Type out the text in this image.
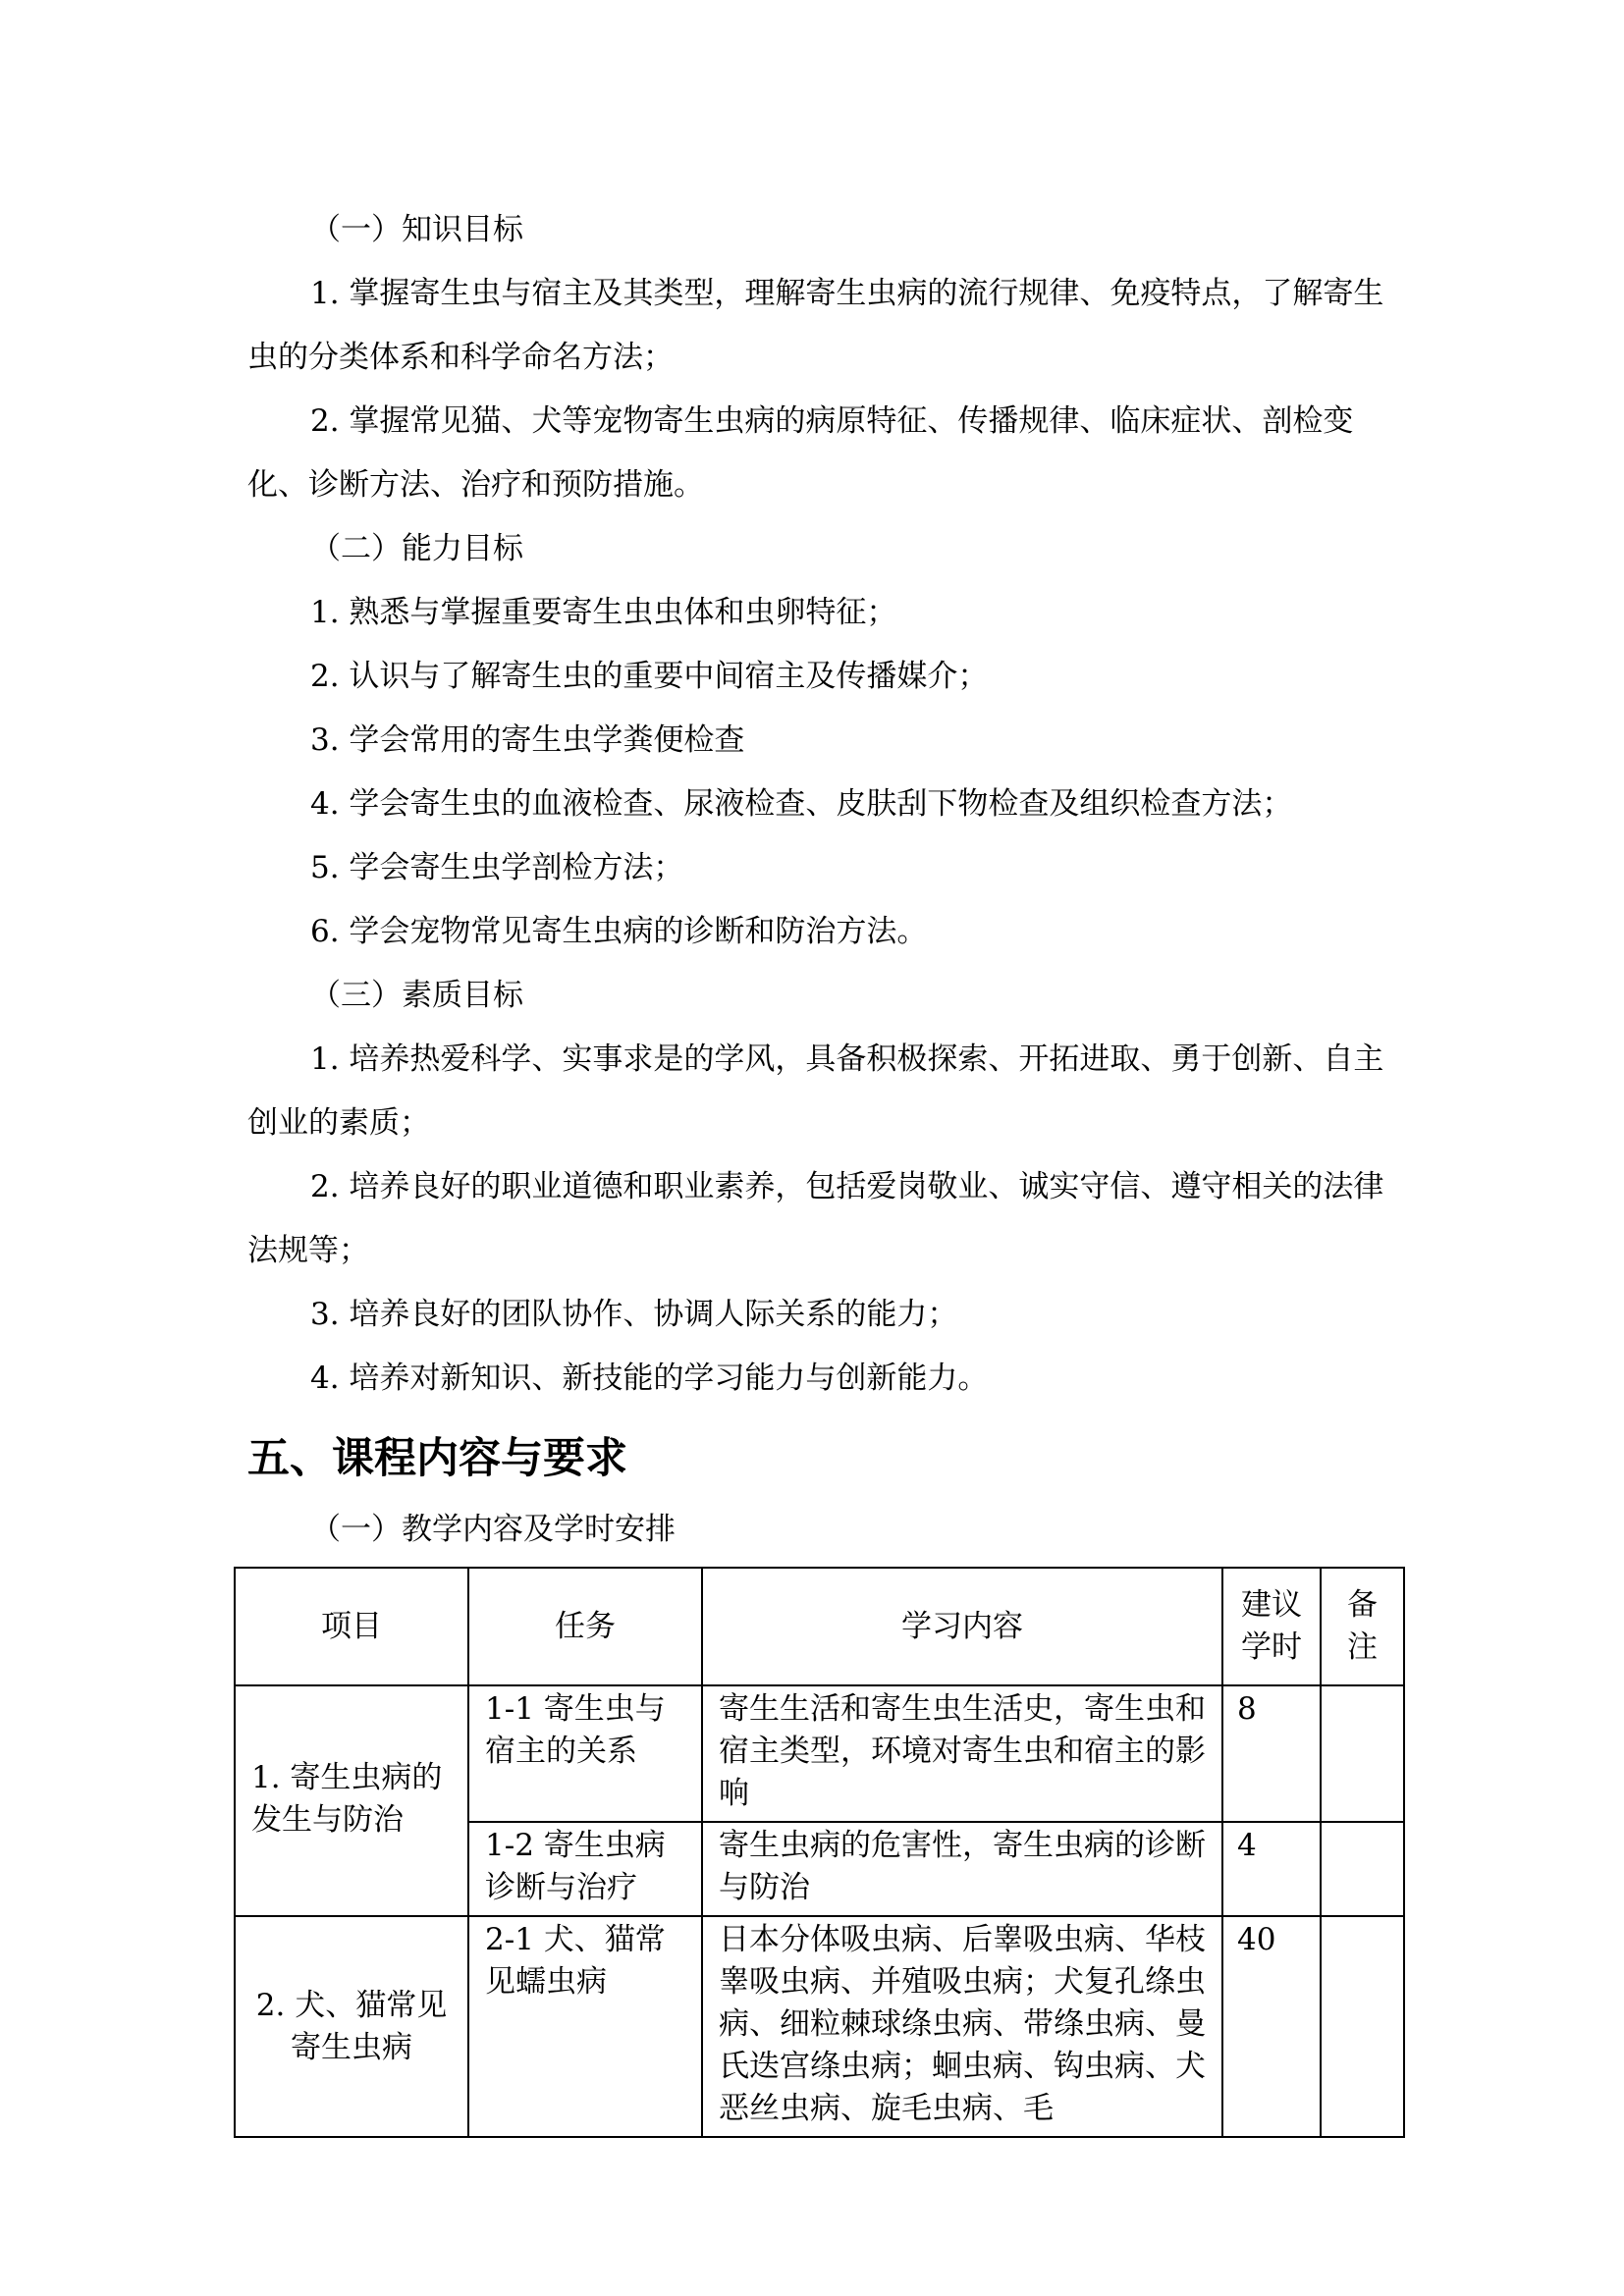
（一）知识目标

1. 掌握寄生虫与宿主及其类型，理解寄生虫病的流行规律、免疫特点，了解寄生虫的分类体系和科学命名方法；

2. 掌握常见猫、犬等宠物寄生虫病的病原特征、传播规律、临床症状、剖检变化、诊断方法、治疗和预防措施。

（二）能力目标

1. 熟悉与掌握重要寄生虫虫体和虫卵特征；

2. 认识与了解寄生虫的重要中间宿主及传播媒介；

3. 学会常用的寄生虫学粪便检查

4. 学会寄生虫的血液检查、尿液检查、皮肤刮下物检查及组织检查方法；

5. 学会寄生虫学剖检方法；

6. 学会宠物常见寄生虫病的诊断和防治方法。

（三）素质目标

1. 培养热爱科学、实事求是的学风，具备积极探索、开拓进取、勇于创新、自主创业的素质；

2. 培养良好的职业道德和职业素养，包括爱岗敬业、诚实守信、遵守相关的法律法规等；

3. 培养良好的团队协作、协调人际关系的能力；

4. 培养对新知识、新技能的学习能力与创新能力。

五、课程内容与要求

（一）教学内容及学时安排

项目	任务	学习内容	建议学时	备注
1. 寄生虫病的发生与防治	1-1 寄生虫与宿主的关系	寄生生活和寄生虫生活史，寄生虫和宿主类型，环境对寄生虫和宿主的影响	8	
	1-2 寄生虫病诊断与治疗	寄生虫病的危害性，寄生虫病的诊断与防治	4	
2. 犬、猫常见寄生虫病	2-1 犬、猫常见蠕虫病	日本分体吸虫病、后睾吸虫病、华枝睾吸虫病、并殖吸虫病；犬复孔绦虫病、细粒棘球绦虫病、带绦虫病、曼氏迭宫绦虫病；蛔虫病、钩虫病、犬恶丝虫病、旋毛虫病、毛	40	
